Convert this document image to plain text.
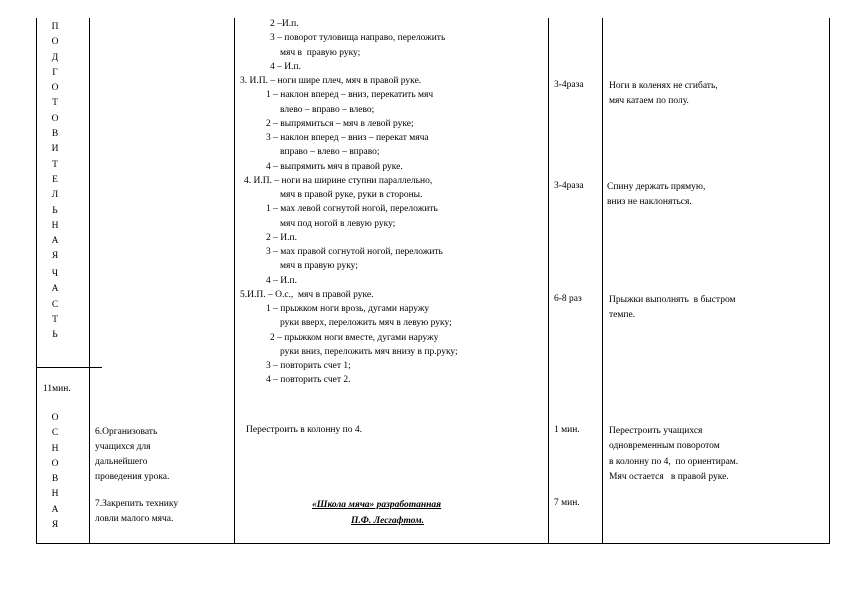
П
О
Д
Г
О
Т
О
В
И
Т
Е
Л
Ь
Н
А
Я
Ч
А
С
Т
Ь
11мин.
О
С
Н
О
В
Н
А
Я
6.Организовать
учащихся для
дальнейшего
проведения урока.
7.Закрепить технику
ловли малого мяча.
2 –И.п.
3 – поворот туловища направо, переложить
мяч в  правую руку;
4 – И.п.
3. И.П. – ноги шире плеч, мяч в правой руке.
1 – наклон вперед – вниз, перекатить мяч
влево – вправо – влево;
2 – выпрямиться – мяч в левой руке;
3 – наклон вперед – вниз – перекат мяча
вправо – влево – вправо;
4 – выпрямить мяч в правой руке.
4. И.П. – ноги на ширине ступни параллельно,
мяч в правой руке, руки в стороны.
1 – мах левой согнутой ногой, переложить
мяч под ногой в левую руку;
2 – И.п.
3 – мах правой согнутой ногой, переложить
мяч в правую руку;
4 – И.п.
5.И.П. – О.с.,  мяч в правой руке.
1 – прыжком ноги врозь, дугами наружу
руки вверх, переложить мяч в левую руку;
2 – прыжком ноги вместе, дугами наружу
руки вниз, переложить мяч внизу в пр.руку;
3 – повторить счет 1;
4 – повторить счет 2.
Перестроить в колонну по 4.
«Школа мяча» разработанная
П.Ф. Лесгафтом.
3-4раза
3-4раза
6-8 раз
1 мин.
7 мин.
Ноги в коленях не сгибать,
мяч катаем по полу.
Спину держать прямую,
вниз не наклоняться.
Прыжки выполнять  в быстром
темпе.
Перестроить учащихся
одновременным поворотом
в колонну по 4,  по ориентирам.
Мяч остается   в правой руке.
